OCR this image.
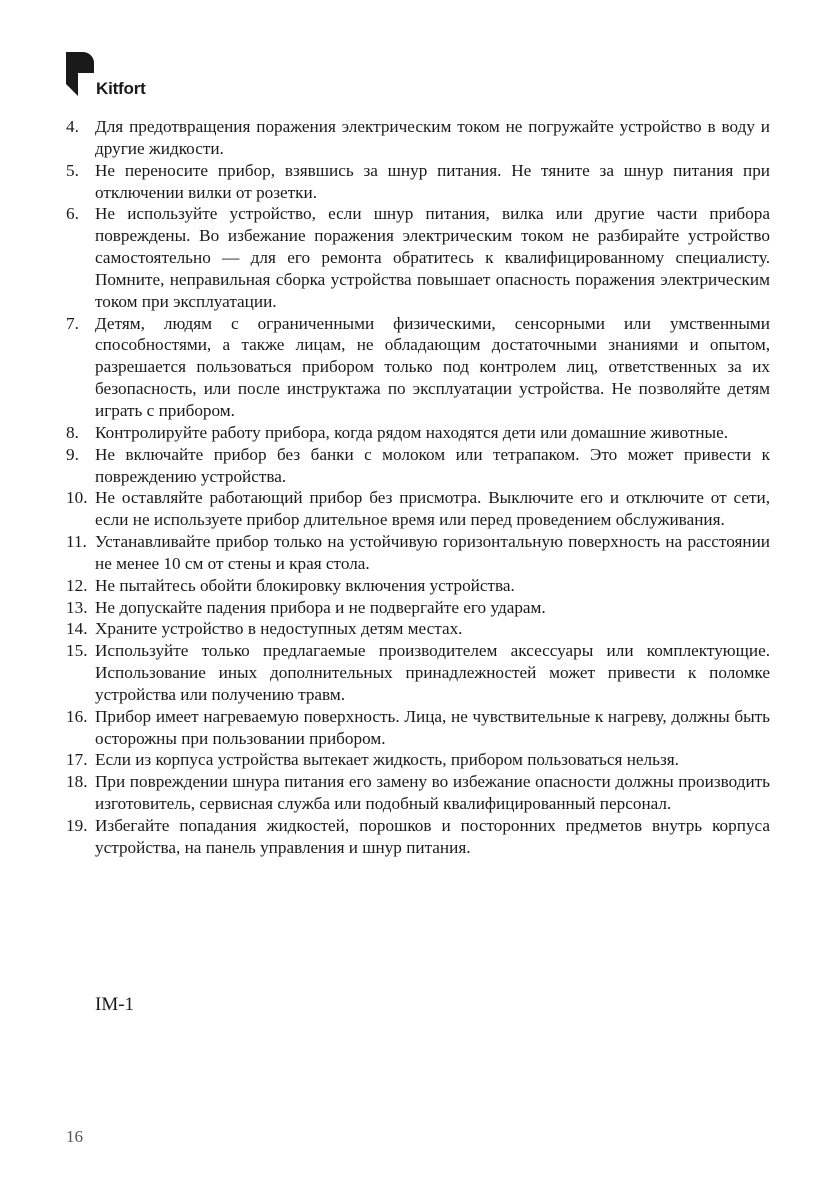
Kitfort
4. Для предотвращения поражения электрическим током не погружайте устройство в воду и другие жидкости.
5. Не переносите прибор, взявшись за шнур питания. Не тяните за шнур питания при отключении вилки от розетки.
6. Не используйте устройство, если шнур питания, вилка или другие части прибора повреждены. Во избежание поражения электрическим током не разбирайте устройство самостоятельно — для его ремонта обратитесь к квалифицированному специалисту. Помните, неправильная сборка устройства повышает опасность поражения электрическим током при эксплуатации.
7. Детям, людям с ограниченными физическими, сенсорными или умственными способностями, а также лицам, не обладающим достаточными знаниями и опытом, разрешается пользоваться прибором только под контролем лиц, ответственных за их безопасность, или после инструктажа по эксплуатации устройства. Не позволяйте детям играть с прибором.
8. Контролируйте работу прибора, когда рядом находятся дети или домашние животные.
9. Не включайте прибор без банки с молоком или тетрапаком. Это может привести к повреждению устройства.
10. Не оставляйте работающий прибор без присмотра. Выключите его и отключите от сети, если не используете прибор длительное время или перед проведением обслуживания.
11. Устанавливайте прибор только на устойчивую горизонтальную поверхность на расстоянии не менее 10 см от стены и края стола.
12. Не пытайтесь обойти блокировку включения устройства.
13. Не допускайте падения прибора и не подвергайте его ударам.
14. Храните устройство в недоступных детям местах.
15. Используйте только предлагаемые производителем аксессуары или комплектующие. Использование иных дополнительных принадлежностей может привести к поломке устройства или получению травм.
16. Прибор имеет нагреваемую поверхность. Лица, не чувствительные к нагреву, должны быть осторожны при пользовании прибором.
17. Если из корпуса устройства вытекает жидкость, прибором пользоваться нельзя.
18. При повреждении шнура питания его замену во избежание опасности должны производить изготовитель, сервисная служба или подобный квалифицированный персонал.
19. Избегайте попадания жидкостей, порошков и посторонних предметов внутрь корпуса устройства, на панель управления и шнур питания.
IM-1
16
